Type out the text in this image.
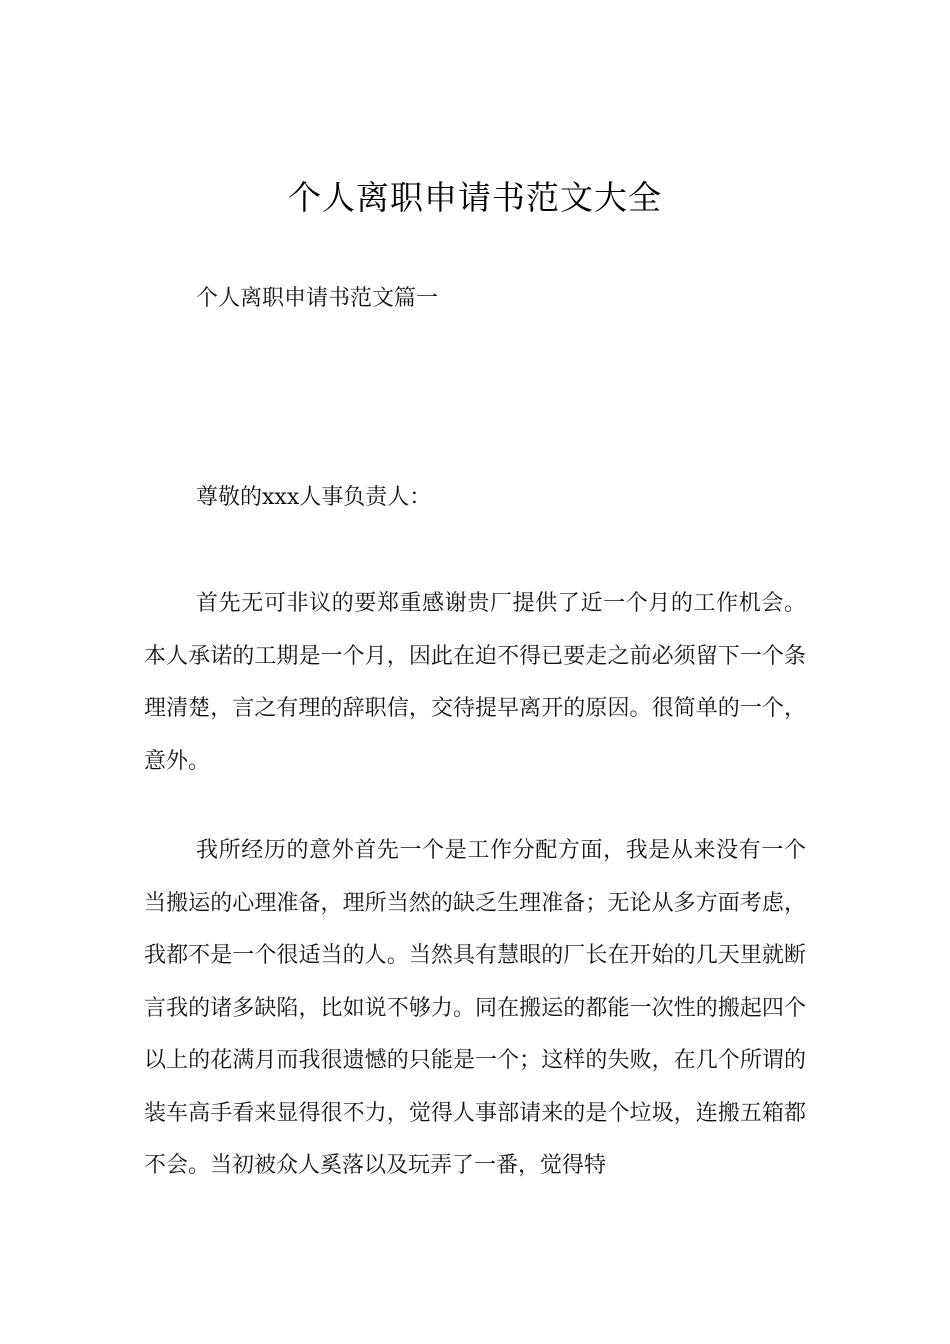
个人离职申请书范文大全
个人离职申请书范文篇一
尊敬的xxx人事负责人：
首先无可非议的要郑重感谢贵厂提供了近一个月的工作机会。本人承诺的工期是一个月，因此在迫不得已要走之前必须留下一个条理清楚，言之有理的辞职信，交待提早离开的原因。很简单的一个，意外。
我所经历的意外首先一个是工作分配方面，我是从来没有一个当搬运的心理准备，理所当然的缺乏生理准备；无论从多方面考虑，我都不是一个很适当的人。当然具有慧眼的厂长在开始的几天里就断言我的诸多缺陷，比如说不够力。同在搬运的都能一次性的搬起四个以上的花满月而我很遗憾的只能是一个；这样的失败，在几个所谓的装车高手看来显得很不力，觉得人事部请来的是个垃圾，连搬五箱都不会。当初被众人奚落以及玩弄了一番，觉得特
